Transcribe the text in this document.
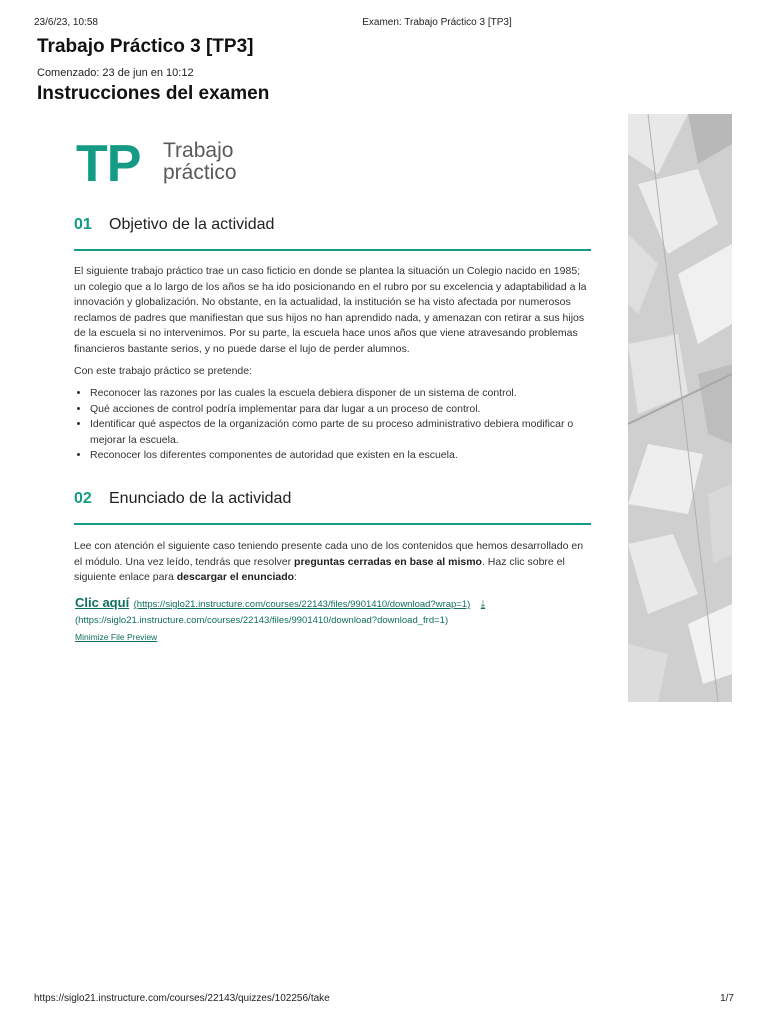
23/6/23, 10:58	Examen: Trabajo Práctico 3 [TP3]
Trabajo Práctico 3 [TP3]
Comenzado: 23 de jun en 10:12
Instrucciones del examen
TP Trabajo
práctico
01 Objetivo de la actividad

El siguiente trabajo práctico trae un caso ficticio en donde se plantea la situación un Colegio nacido en 1985; un colegio que a lo largo de los años se ha ido posicionando en el rubro por su excelencia y adaptabilidad a la innovación y globalización. No obstante, en la actualidad, la institución se ha visto afectada por numerosos reclamos de padres que manifiestan que sus hijos no han aprendido nada, y amenazan con retirar a sus hijos de la escuela si no intervenimos. Por su parte, la escuela hace unos años que viene atravesando problemas financieros bastante serios, y no puede darse el lujo de perder alumnos.

Con este trabajo práctico se pretende:

• Reconocer las razones por las cuales la escuela debiera disponer de un sistema de control.
• Qué acciones de control podría implementar para dar lugar a un proceso de control.
• Identificar qué aspectos de la organización como parte de su proceso administrativo debiera modificar o mejorar la escuela.
• Reconocer los diferentes componentes de autoridad que existen en la escuela.
02 Enunciado de la actividad

Lee con atención el siguiente caso teniendo presente cada uno de los contenidos que hemos desarrollado en el módulo. Una vez leído, tendrás que resolver preguntas cerradas en base al mismo. Haz clic sobre el siguiente enlace para descargar el enunciado:

Clic aquí (https://siglo21.instructure.com/courses/22143/files/9901410/download?wrap=1) ⤓
(https://siglo21.instructure.com/courses/22143/files/9901410/download?download_frd=1)
Minimize File Preview
https://siglo21.instructure.com/courses/22143/quizzes/102256/take	1/7
